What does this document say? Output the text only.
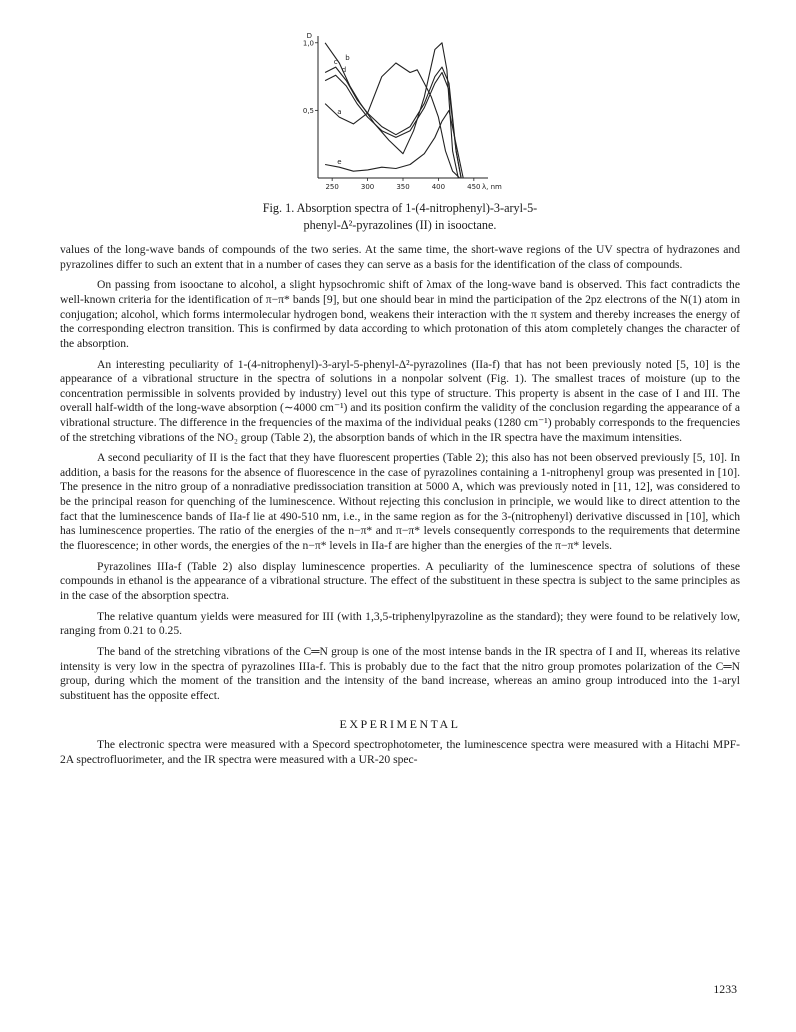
250	300	350	400	450
0,5
1,0
D
λ, nm
a
b
c
d
e
Fig. 1. Absorption spectra of 1-(4-nitrophenyl)-3-aryl-5-
phenyl-Δ²-pyrazolines (II) in isooctane.

values of the long-wave bands of compounds of the two series. At the same time, the short-wave regions of the UV spectra of hydrazones and pyrazolines differ to such an extent that in a number of cases they can serve as a basis for the identification of the class of compounds.

On passing from isooctane to alcohol, a slight hypsochromic shift of λmax of the long-wave band is observed. This fact contradicts the well-known criteria for the identification of π−π* bands [9], but one should bear in mind the participation of the 2pz electrons of the N(1) atom in conjugation; alcohol, which forms intermolecular hydrogen bond, weakens their interaction with the π system and thereby increases the energy of the corresponding electron transition. This is confirmed by data according to which protonation of this atom completely changes the character of the absorption.

An interesting peculiarity of 1-(4-nitrophenyl)-3-aryl-5-phenyl-Δ²-pyrazolines (IIa-f) that has not been previously noted [5, 10] is the appearance of a vibrational structure in the spectra of solutions in a nonpolar solvent (Fig. 1). The smallest traces of moisture (up to the concentration permissible in solvents provided by industry) level out this type of structure. This property is absent in the case of I and III. The overall half-width of the long-wave absorption (∼4000 cm⁻¹) and its position confirm the validity of the conclusion regarding the appearance of a vibrational structure. The difference in the frequencies of the maxima of the individual peaks (1280 cm⁻¹) probably corresponds to the frequencies of the stretching vibrations of the NO₂ group (Table 2), the absorption bands of which in the IR spectra have the maximum intensities.

A second peculiarity of II is the fact that they have fluorescent properties (Table 2); this also has not been observed previously [5, 10]. In addition, a basis for the reasons for the absence of fluorescence in the case of pyrazolines containing a 1-nitrophenyl group was presented in [10]. The presence in the nitro group of a nonradiative predissociation transition at 5000 A, which was previously noted in [11, 12], was considered to be the principal reason for quenching of the luminescence. Without rejecting this conclusion in principle, we would like to direct attention to the fact that the luminescence bands of IIa-f lie at 490-510 nm, i.e., in the same region as for the 3-(nitrophenyl) derivative discussed in [10], which has luminescence properties. The ratio of the energies of the n−π* and π−π* levels consequently corresponds to the requirements that determine the fluorescence; in other words, the energies of the n−π* levels in IIa-f are higher than the energies of the π−π* levels.

Pyrazolines IIIa-f (Table 2) also display luminescence properties. A peculiarity of the luminescence spectra of solutions of these compounds in ethanol is the appearance of a vibrational structure. The effect of the substituent in these spectra is subject to the same principles as in the case of the absorption spectra.

The relative quantum yields were measured for III (with 1,3,5-triphenylpyrazoline as the standard); they were found to be relatively low, ranging from 0.21 to 0.25.

The band of the stretching vibrations of the C═N group is one of the most intense bands in the IR spectra of I and II, whereas its relative intensity is very low in the spectra of pyrazolines IIIa-f. This is probably due to the fact that the nitro group promotes polarization of the C═N group, during which the moment of the transition and the intensity of the band increase, whereas an amino group introduced into the 1-aryl substituent has the opposite effect.

EXPERIMENTAL

The electronic spectra were measured with a Specord spectrophotometer, the luminescence spectra were measured with a Hitachi MPF-2A spectrofluorimeter, and the IR spectra were measured with a UR-20 spec-

1233
